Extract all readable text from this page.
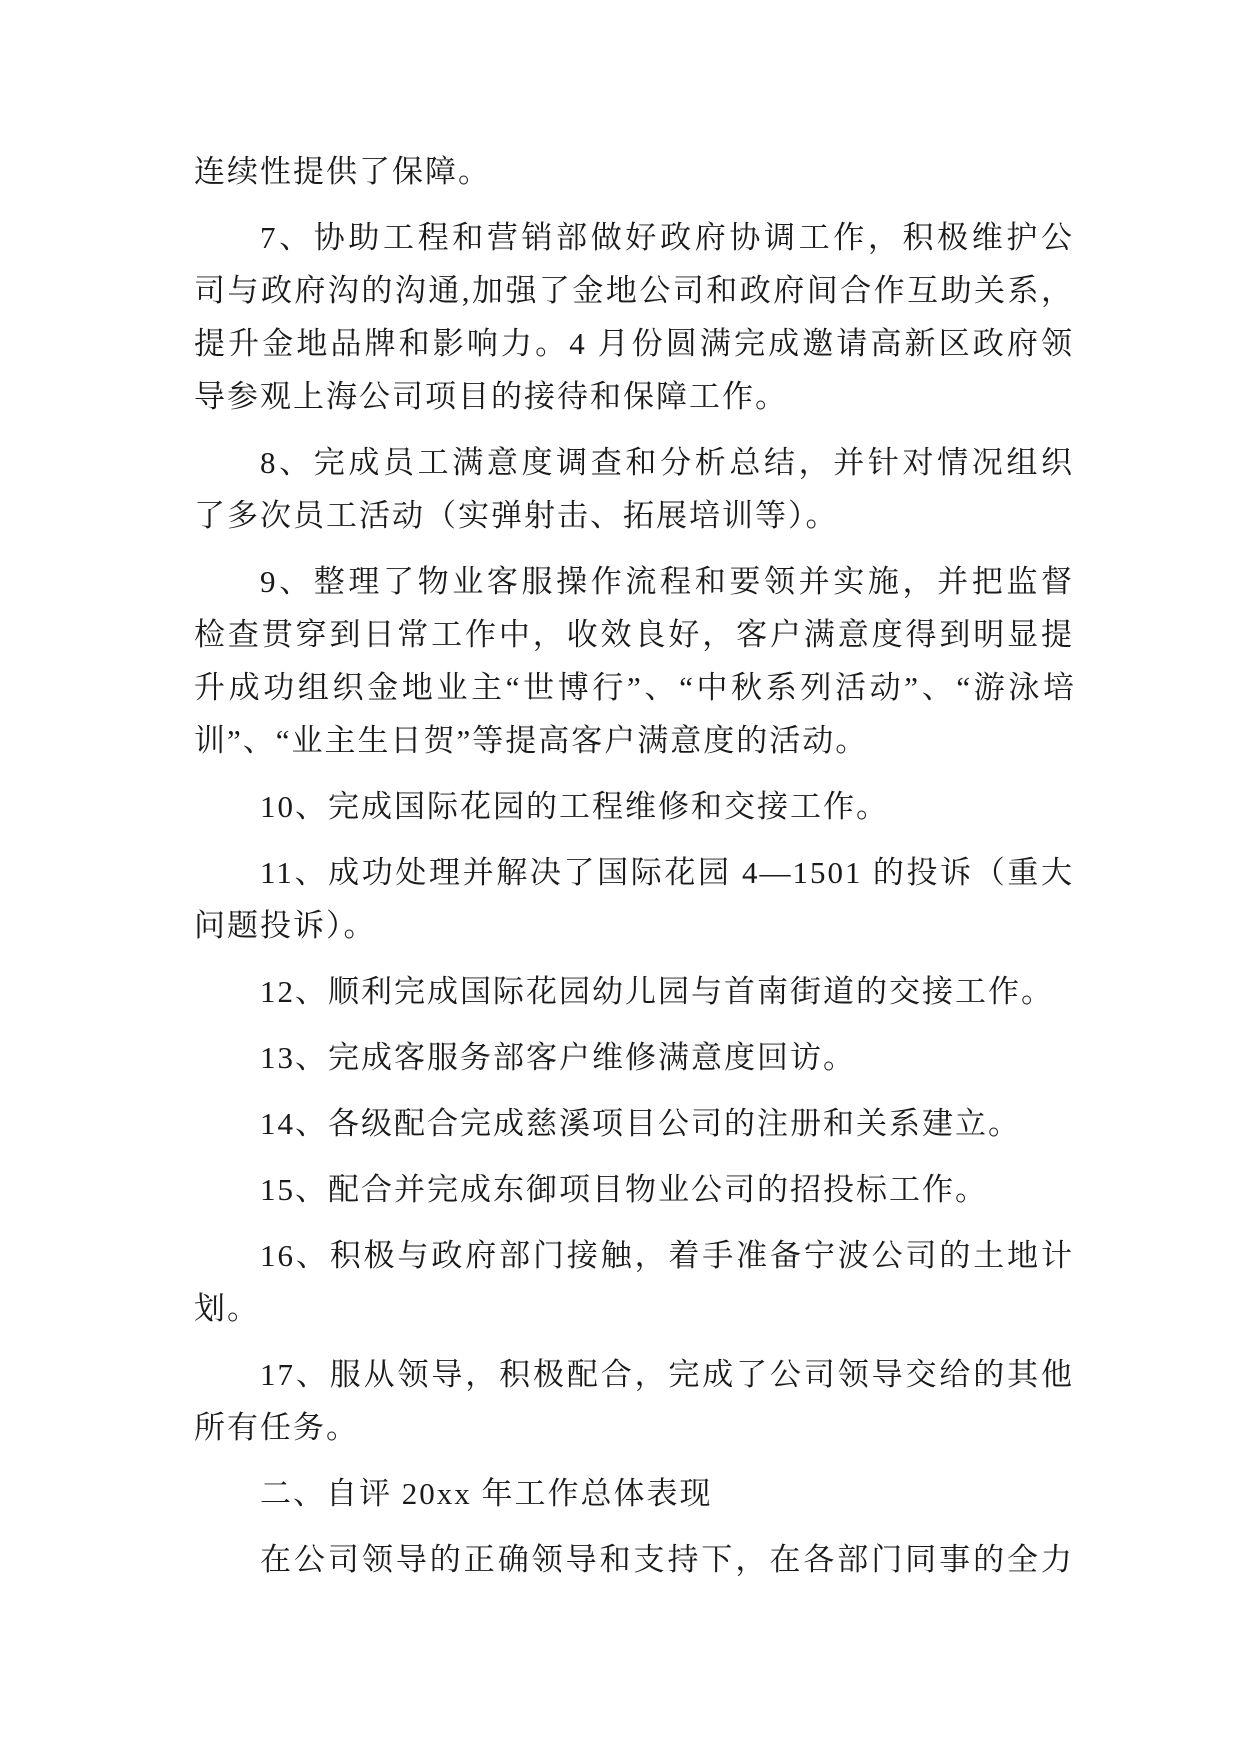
连续性提供了保障。
7、协助工程和营销部做好政府协调工作，积极维护公
司与政府沟的沟通,加强了金地公司和政府间合作互助关系，
提升金地品牌和影响力。4 月份圆满完成邀请高新区政府领
导参观上海公司项目的接待和保障工作。
8、完成员工满意度调查和分析总结，并针对情况组织
了多次员工活动（实弹射击、拓展培训等）。
9、整理了物业客服操作流程和要领并实施，并把监督
检查贯穿到日常工作中，收效良好，客户满意度得到明显提
升成功组织金地业主“世博行”、“中秋系列活动”、“游泳培
训”、“业主生日贺”等提高客户满意度的活动。
10、完成国际花园的工程维修和交接工作。
11、成功处理并解决了国际花园 4—1501 的投诉（重大
问题投诉）。
12、顺利完成国际花园幼儿园与首南街道的交接工作。
13、完成客服务部客户维修满意度回访。
14、各级配合完成慈溪项目公司的注册和关系建立。
15、配合并完成东御项目物业公司的招投标工作。
16、积极与政府部门接触，着手准备宁波公司的土地计
划。
17、服从领导，积极配合，完成了公司领导交给的其他
所有任务。
二、自评 20xx 年工作总体表现
在公司领导的正确领导和支持下，在各部门同事的全力
